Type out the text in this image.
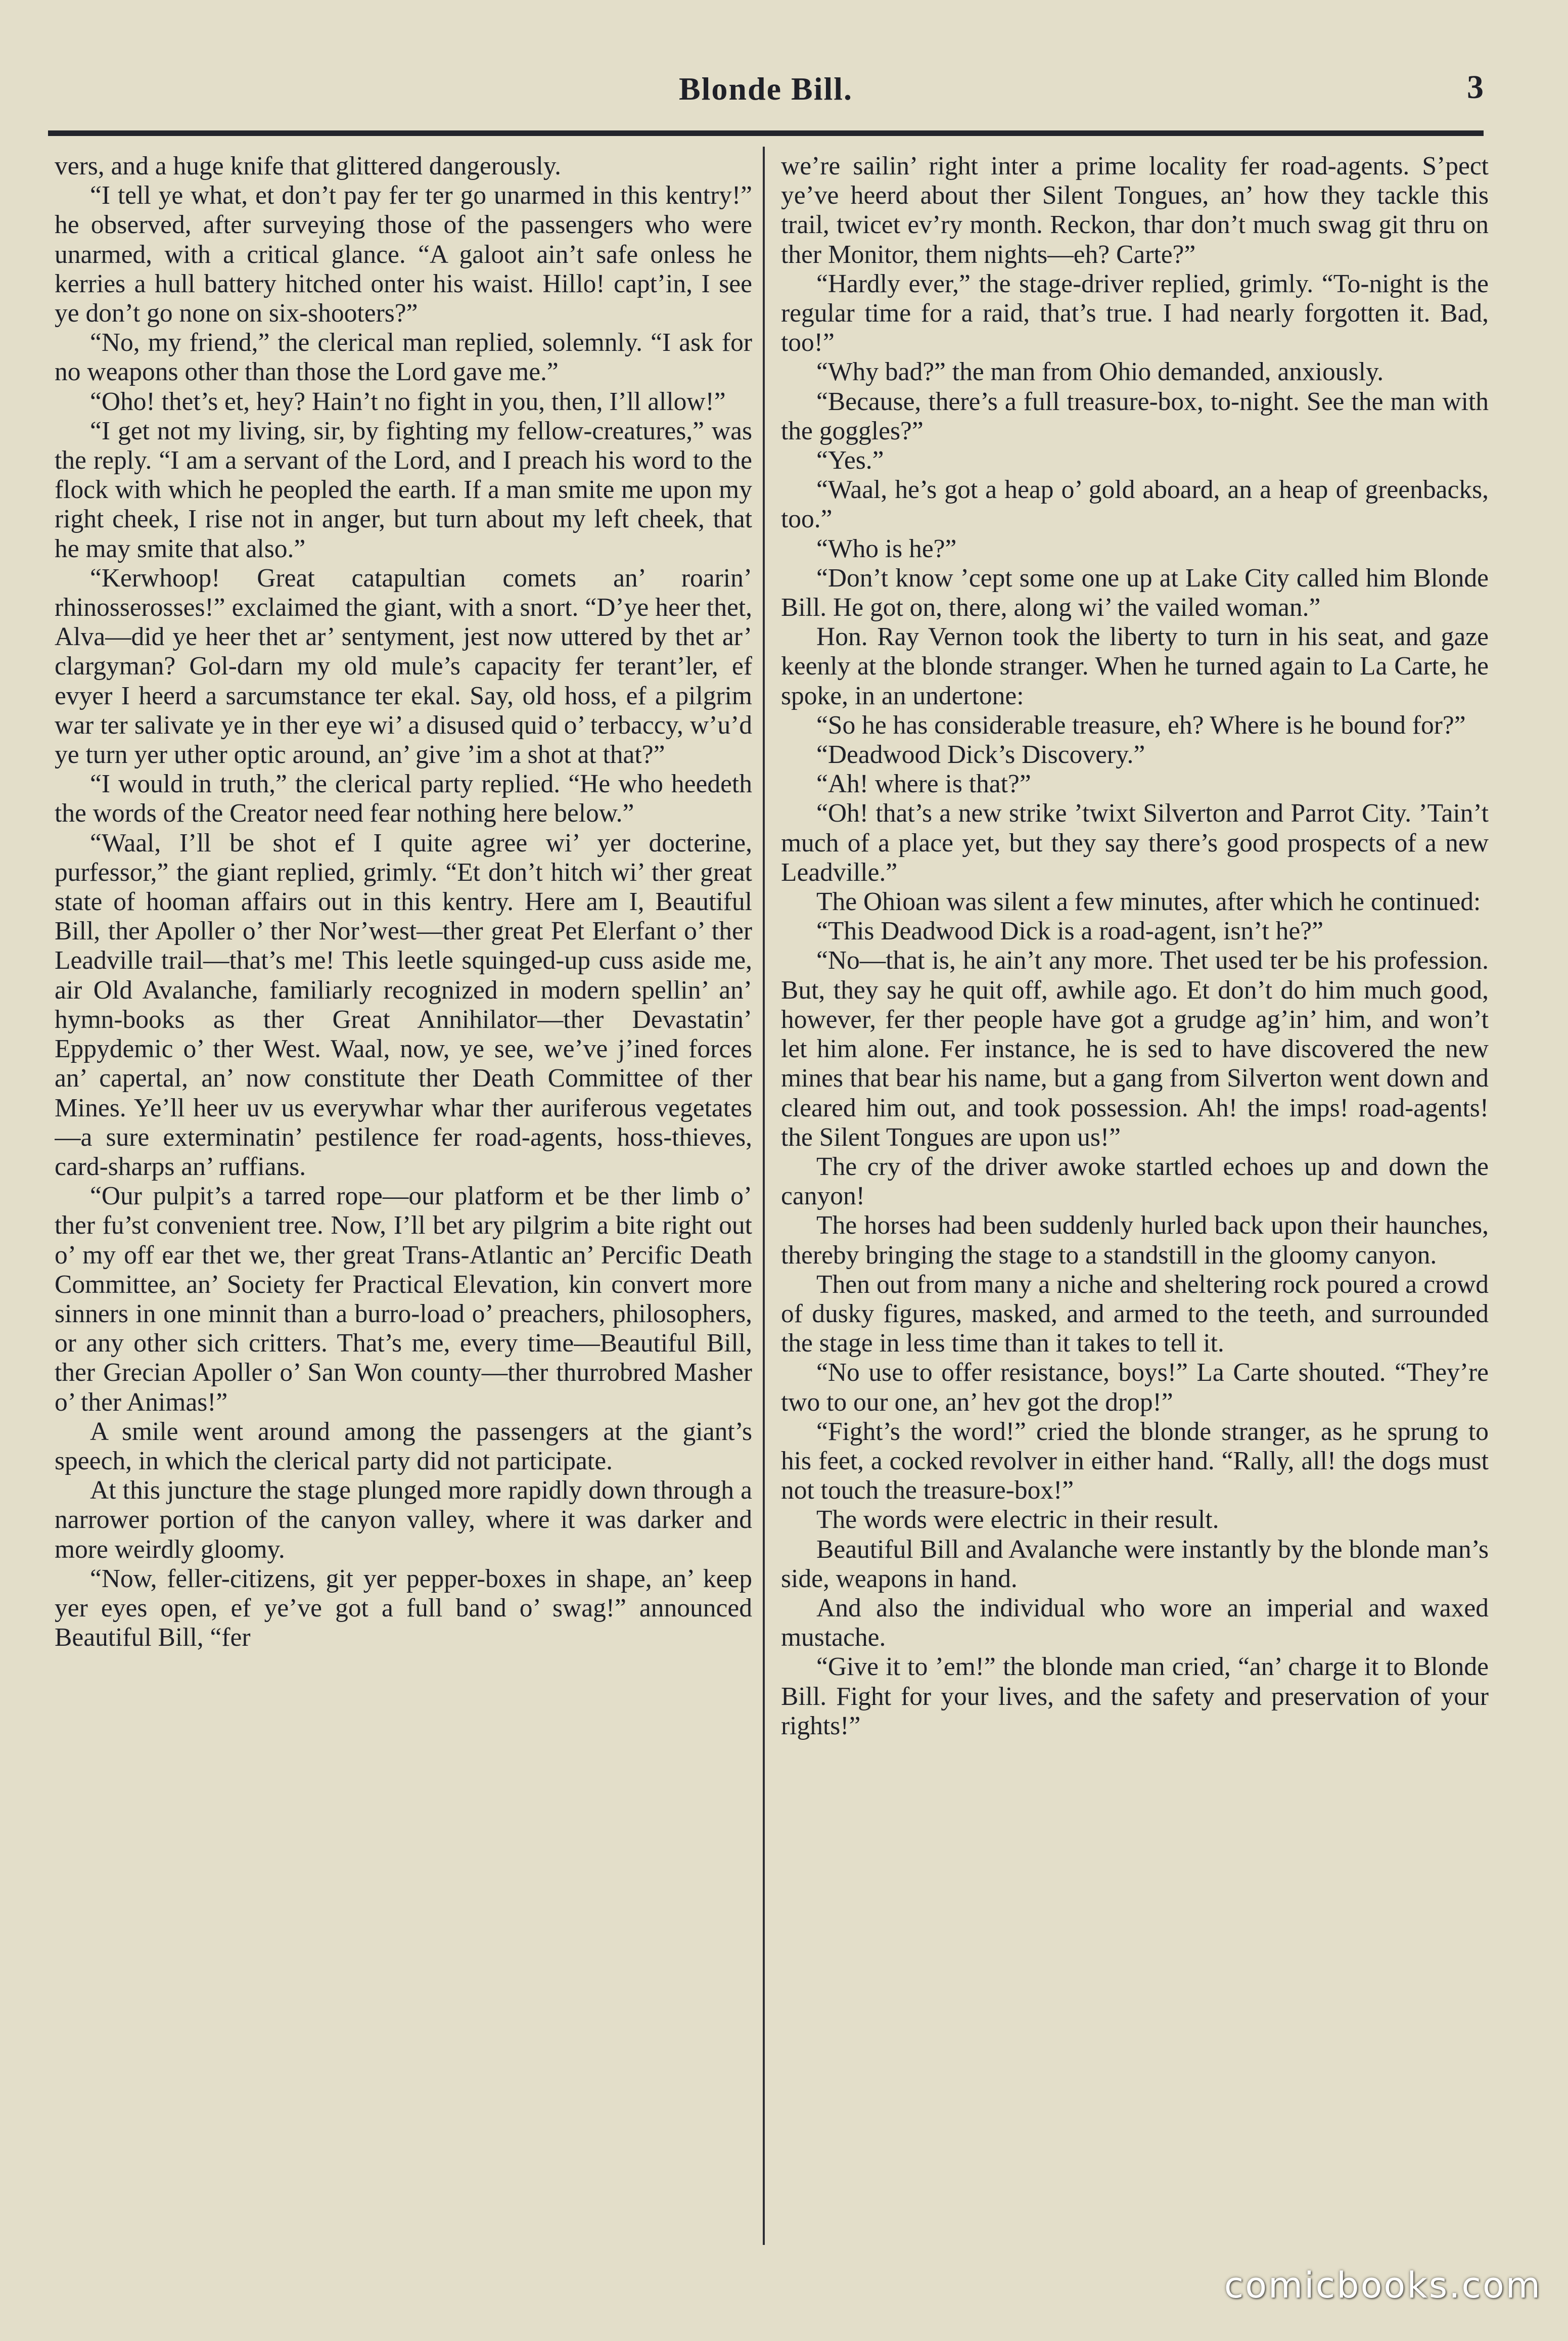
Blonde Bill.	3

vers, and a huge knife that glittered dangerously.

“I tell ye what, et don’t pay fer ter go unarmed in this kentry!” he observed, after surveying those of the passengers who were unarmed, with a critical glance. “A galoot ain’t safe onless he kerries a hull battery hitched onter his waist. Hillo! capt’in, I see ye don’t go none on six-shooters?”

“No, my friend,” the clerical man replied, solemnly. “I ask for no weapons other than those the Lord gave me.”

“Oho! thet’s et, hey? Hain’t no fight in you, then, I’ll allow!”

“I get not my living, sir, by fighting my fellow-creatures,” was the reply. “I am a servant of the Lord, and I preach his word to the flock with which he peopled the earth. If a man smite me upon my right cheek, I rise not in anger, but turn about my left cheek, that he may smite that also.”

“Kerwhoop! Great catapultian comets an’ roarin’ rhinosserosses!” exclaimed the giant, with a snort. “D’ye heer thet, Alva—did ye heer thet ar’ sentyment, jest now uttered by thet ar’ clargyman? Gol-darn my old mule’s capacity fer terant’ler, ef evyer I heerd a sarcumstance ter ekal. Say, old hoss, ef a pilgrim war ter salivate ye in ther eye wi’ a disused quid o’ terbaccy, w’u’d ye turn yer uther optic around, an’ give ’im a shot at that?”

“I would in truth,” the clerical party replied. “He who heedeth the words of the Creator need fear nothing here below.”

“Waal, I’ll be shot ef I quite agree wi’ yer docterine, purfessor,” the giant replied, grimly. “Et don’t hitch wi’ ther great state of hooman affairs out in this kentry. Here am I, Beautiful Bill, ther Apoller o’ ther Nor’west—ther great Pet Elerfant o’ ther Leadville trail—that’s me! This leetle squinged-up cuss aside me, air Old Avalanche, familiarly recognized in modern spellin’ an’ hymn-books as ther Great Annihilator—ther Devastatin’ Eppydemic o’ ther West. Waal, now, ye see, we’ve j’ined forces an’ capertal, an’ now constitute ther Death Committee of ther Mines. Ye’ll heer uv us everywhar whar ther auriferous vegetates—a sure exterminatin’ pestilence fer road-agents, hoss-thieves, card-sharps an’ ruffians.

“Our pulpit’s a tarred rope—our platform et be ther limb o’ ther fu’st convenient tree. Now, I’ll bet ary pilgrim a bite right out o’ my off ear thet we, ther great Trans-Atlantic an’ Percific Death Committee, an’ Society fer Practical Elevation, kin convert more sinners in one minnit than a burro-load o’ preachers, philosophers, or any other sich critters. That’s me, every time—Beautiful Bill, ther Grecian Apoller o’ San Won county—ther thurrobred Masher o’ ther Animas!”

A smile went around among the passengers at the giant’s speech, in which the clerical party did not participate.

At this juncture the stage plunged more rapidly down through a narrower portion of the canyon valley, where it was darker and more weirdly gloomy.

“Now, feller-citizens, git yer pepper-boxes in shape, an’ keep yer eyes open, ef ye’ve got a full band o’ swag!” announced Beautiful Bill, “fer

we’re sailin’ right inter a prime locality fer road-agents. S’pect ye’ve heerd about ther Silent Tongues, an’ how they tackle this trail, twicet ev’ry month. Reckon, thar don’t much swag git thru on ther Monitor, them nights—eh? Carte?”

“Hardly ever,” the stage-driver replied, grimly. “To-night is the regular time for a raid, that’s true. I had nearly forgotten it. Bad, too!”

“Why bad?” the man from Ohio demanded, anxiously.

“Because, there’s a full treasure-box, to-night. See the man with the goggles?”

“Yes.”

“Waal, he’s got a heap o’ gold aboard, an a heap of greenbacks, too.”

“Who is he?”

“Don’t know ’cept some one up at Lake City called him Blonde Bill. He got on, there, along wi’ the vailed woman.”

Hon. Ray Vernon took the liberty to turn in his seat, and gaze keenly at the blonde stranger. When he turned again to La Carte, he spoke, in an undertone:

“So he has considerable treasure, eh? Where is he bound for?”

“Deadwood Dick’s Discovery.”

“Ah! where is that?”

“Oh! that’s a new strike ’twixt Silverton and Parrot City. ’Tain’t much of a place yet, but they say there’s good prospects of a new Leadville.”

The Ohioan was silent a few minutes, after which he continued:

“This Deadwood Dick is a road-agent, isn’t he?”

“No—that is, he ain’t any more. Thet used ter be his profession. But, they say he quit off, awhile ago. Et don’t do him much good, however, fer ther people have got a grudge ag’in’ him, and won’t let him alone. Fer instance, he is sed to have discovered the new mines that bear his name, but a gang from Silverton went down and cleared him out, and took possession. Ah! the imps! road-agents! the Silent Tongues are upon us!”

The cry of the driver awoke startled echoes up and down the canyon!

The horses had been suddenly hurled back upon their haunches, thereby bringing the stage to a standstill in the gloomy canyon.

Then out from many a niche and sheltering rock poured a crowd of dusky figures, masked, and armed to the teeth, and surrounded the stage in less time than it takes to tell it.

“No use to offer resistance, boys!” La Carte shouted. “They’re two to our one, an’ hev got the drop!”

“Fight’s the word!” cried the blonde stranger, as he sprung to his feet, a cocked revolver in either hand. “Rally, all! the dogs must not touch the treasure-box!”

The words were electric in their result.

Beautiful Bill and Avalanche were instantly by the blonde man’s side, weapons in hand.

And also the individual who wore an imperial and waxed mustache.

“Give it to ’em!” the blonde man cried, “an’ charge it to Blonde Bill. Fight for your lives, and the safety and preservation of your rights!”

comicbooks.com
